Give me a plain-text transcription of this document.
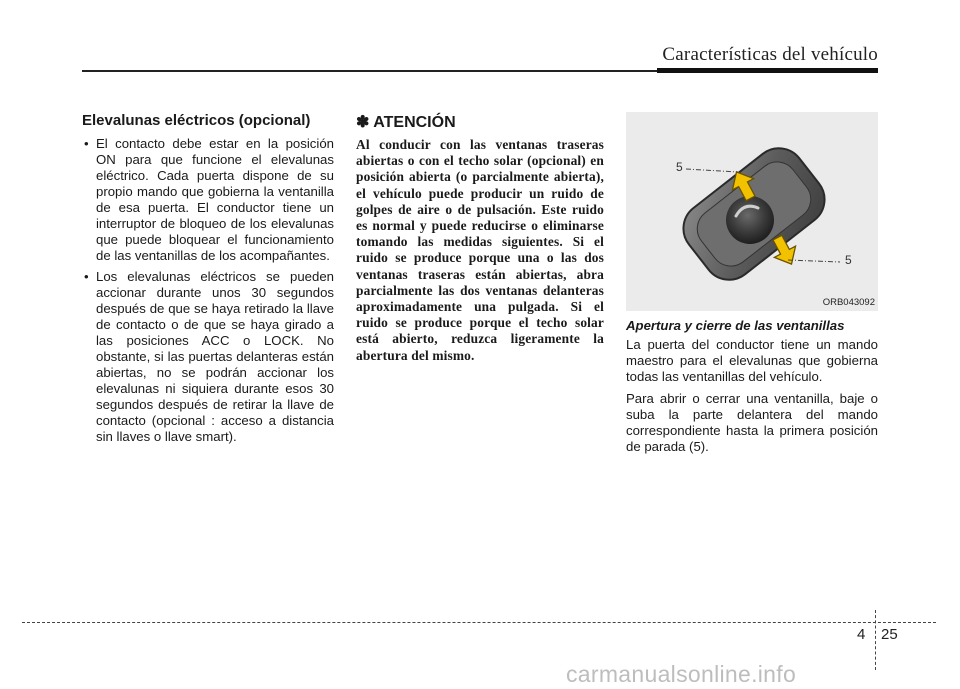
Características del vehículo
Elevalunas eléctricos (opcional)
• El contacto debe estar en la posición ON para que funcione el elevalunas eléctrico. Cada puerta dispone de su propio mando que gobierna la ventanilla de esa puerta. El conductor tiene un interruptor de bloqueo de los elevalunas que puede bloquear el funcionamiento de las ventanillas de los acompañantes.
• Los elevalunas eléctricos se pueden accionar durante unos 30 segundos después de que se haya retirado la llave de contacto o de que se haya girado a las posiciones ACC o LOCK. No obstante, si las puertas delanteras están abiertas, no se podrán accionar los elevalunas ni siquiera durante esos 30 segundos después de retirar la llave de contacto (opcional : acceso a distancia sin llaves o llave smart).
✽ ATENCIÓN

Al conducir con las ventanas traseras abiertas o con el techo solar (opcional) en posición abierta (o parcialmente abierta), el vehículo puede producir un ruido de golpes de aire o de pulsación. Este ruido es normal y puede reducirse o eliminarse tomando las medidas siguientes. Si el ruido se produce porque una o las dos ventanas traseras están abiertas, abra parcialmente las dos ventanas delanteras aproximadamente una pulgada. Si el ruido se produce porque el techo solar está abierto, reduzca ligeramente la abertura del mismo.

5
5
ORB043092
Apertura y cierre de las ventanillas

La puerta del conductor tiene un mando maestro para el elevalunas que gobierna todas las ventanillas del vehículo.

Para abrir o cerrar una ventanilla, baje o suba la parte delantera del mando correspondiente hasta la primera posición de parada (5).

4 25
carmanualsonline.info
